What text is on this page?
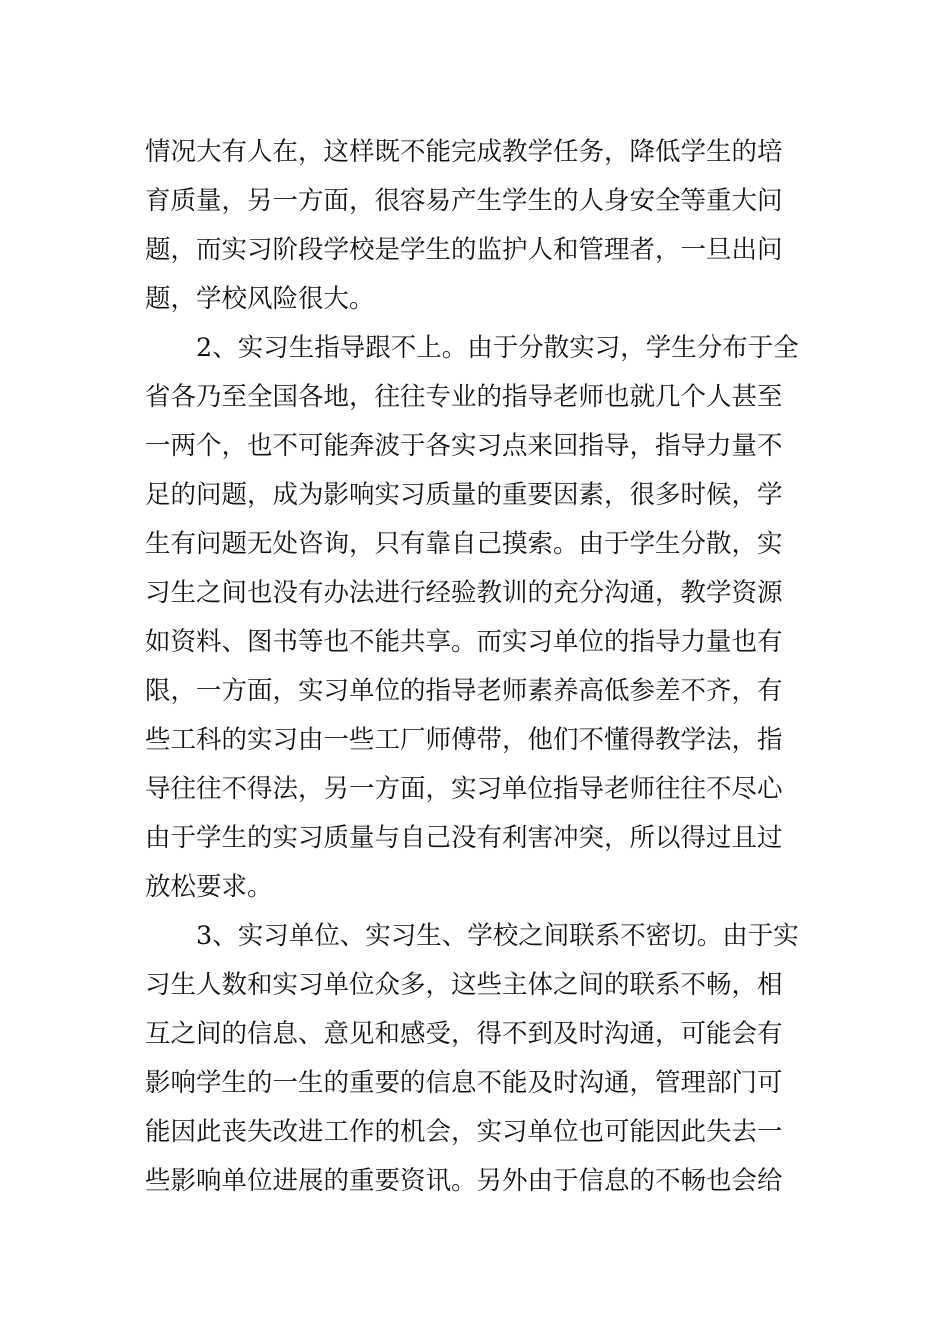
情况大有人在，这样既不能完成教学任务，降低学生的培
育质量，另一方面，很容易产生学生的人身安全等重大问
题，而实习阶段学校是学生的监护人和管理者，一旦出问
题，学校风险很大。
　　2、实习生指导跟不上。由于分散实习，学生分布于全
省各乃至全国各地，往往专业的指导老师也就几个人甚至
一两个，也不可能奔波于各实习点来回指导，指导力量不
足的问题，成为影响实习质量的重要因素，很多时候，学
生有问题无处咨询，只有靠自己摸索。由于学生分散，实
习生之间也没有办法进行经验教训的充分沟通，教学资源
如资料、图书等也不能共享。而实习单位的指导力量也有
限，一方面，实习单位的指导老师素养高低参差不齐，有
些工科的实习由一些工厂师傅带，他们不懂得教学法，指
导往往不得法，另一方面，实习单位指导老师往往不尽心
由于学生的实习质量与自己没有利害冲突，所以得过且过
放松要求。
　　3、实习单位、实习生、学校之间联系不密切。由于实
习生人数和实习单位众多，这些主体之间的联系不畅，相
互之间的信息、意见和感受，得不到及时沟通，可能会有
影响学生的一生的重要的信息不能及时沟通，管理部门可
能因此丧失改进工作的机会，实习单位也可能因此失去一
些影响单位进展的重要资讯。另外由于信息的不畅也会给
